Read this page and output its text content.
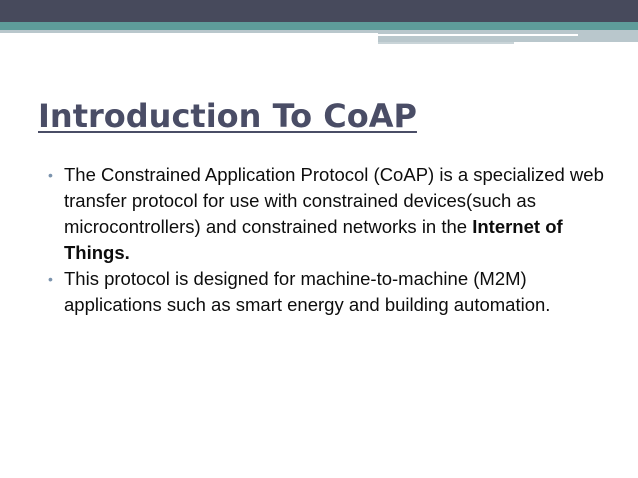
Introduction To CoAP
• The Constrained Application Protocol (CoAP) is a specialized web transfer protocol for use with constrained devices(such as microcontrollers) and constrained networks in the Internet of Things.
• This protocol is designed for machine-to-machine (M2M) applications such as smart energy and building automation.
